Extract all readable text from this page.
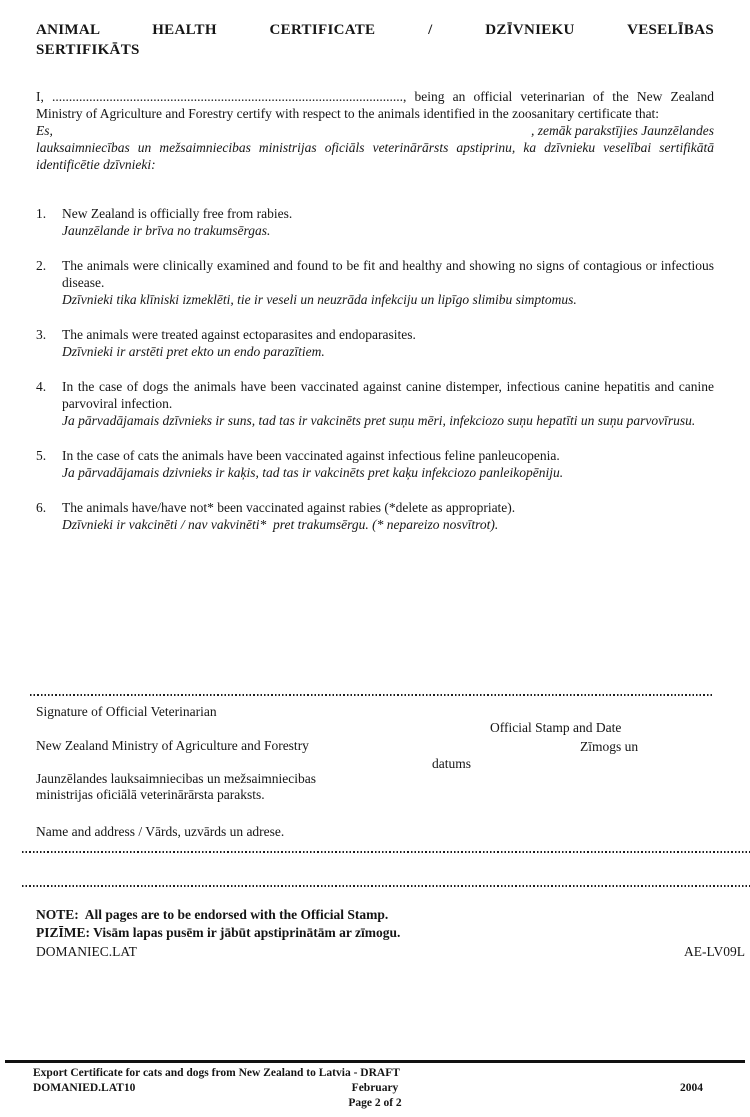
ANIMAL HEALTH CERTIFICATE / DZĪVNIEKU VESELĪBAS
SERTIFIKĀTS

I, ........................................................................................................, being an official veterinarian of the New Zealand Ministry of Agriculture and Forestry certify with respect to the animals identified in the zoosanitary certificate that:

Es,	, zemāk parakstījies Jaunzēlandes

lauksaimniecības un mežsaimniecibas ministrijas oficiāls veterinārārsts apstiprinu, ka dzīvnieku veselībai sertifikātā identificētie dzīvnieki:

1.	New Zealand is officially free from rabies.
Jaunzēlande ir brīva no trakumsērgas.
2.	The animals were clinically examined and found to be fit and healthy and showing no signs of contagious or infectious disease.
Dzīvnieki tika klīniski izmeklēti, tie ir veseli un neuzrāda infekciju un lipīgo slimibu simptomus.
3.	The animals were treated against ectoparasites and endoparasites.
Dzīvnieki ir arstēti pret ekto un endo parazītiem.
4.	In the case of dogs the animals have been vaccinated against canine distemper, infectious canine hepatitis and canine parvoviral infection.
Ja pārvadājamais dzīvnieks ir suns, tad tas ir vakcinēts pret suņu mēri, infekciozo suņu hepatīti un suņu parvovīrusu.
5.	In the case of cats the animals have been vaccinated against infectious feline panleucopenia.
Ja pārvadājamais dzivnieks ir kaķis, tad tas ir vakcinēts pret kaķu infekciozo panleikopēniju.
6.	The animals have/have not* been vaccinated against rabies (*delete as appropriate).
Dzīvnieki ir vakcinēti / nav vakvinēti*  pret trakumsērgu. (* nepareizo nosvītrot).
Signature of Official Veterinarian
Official Stamp and Date
New Zealand Ministry of Agriculture and Forestry	Zīmogs un
datums
Jaunzēlandes lauksaimniecibas un mežsaimniecibas
ministrijas oficiālā veterinārārsta paraksts.
Name and address / Vārds, uzvārds un adrese.
NOTE:  All pages are to be endorsed with the Official Stamp.
PIZĪME: Visām lapas pusēm ir jābūt apstiprinātām ar zīmogu.
DOMANIEC.LAT	AE-LV09L
Export Certificate for cats and dogs from New Zealand to Latvia - DRAFT
DOMANIED.LAT10	February	2004
Page 2 of 2
